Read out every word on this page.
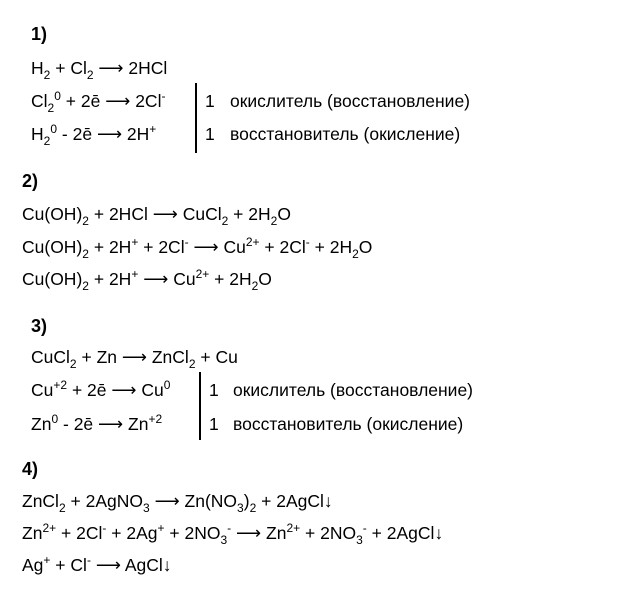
1)
$H_2 + Cl_2$ ⟶ 2HCl
$Cl_2^0$ + 2ē ⟶ 2Cl- 1 окислитель (восстановление)
$H_2^0$ - 2ē ⟶ 2H+	1 восстановитель (окисление)
2)
$Cu(OH)_2 + 2HCl$ ⟶ CuCl$_2$ + $2H_2O$
$Cu(OH)_2 + 2H^+ + 2Cl^-$ ⟶ $Cu^{2+} + 2Cl^- + 2H_2O$
$Cu(OH)_2 + 2H^+$ ⟶ $Cu^{2+} + 2H_2O$
3)
CuCl$_2$ + Zn ⟶ ZnCl$_2$ + Cu
$Cu^{+2}$ + 2ē ⟶ Cu$^0$ 1 окислитель (восстановление)
Zn$^0$ - 2ē ⟶ $Zn^{+2}$	1 восстановитель (окисление)
4)
ZnCl$_2$ + 2AgNO$_3$ ⟶ $Zn(NO_3)_2$ + 2AgCl↓
$Zn^{2+} + 2Cl^- + 2Ag^+ + 2NO_3^-$ ⟶ $Zn^{2+} + 2NO_3^-$ + 2AgCl↓
Ag+ + Cl- ⟶ AgCl↓
